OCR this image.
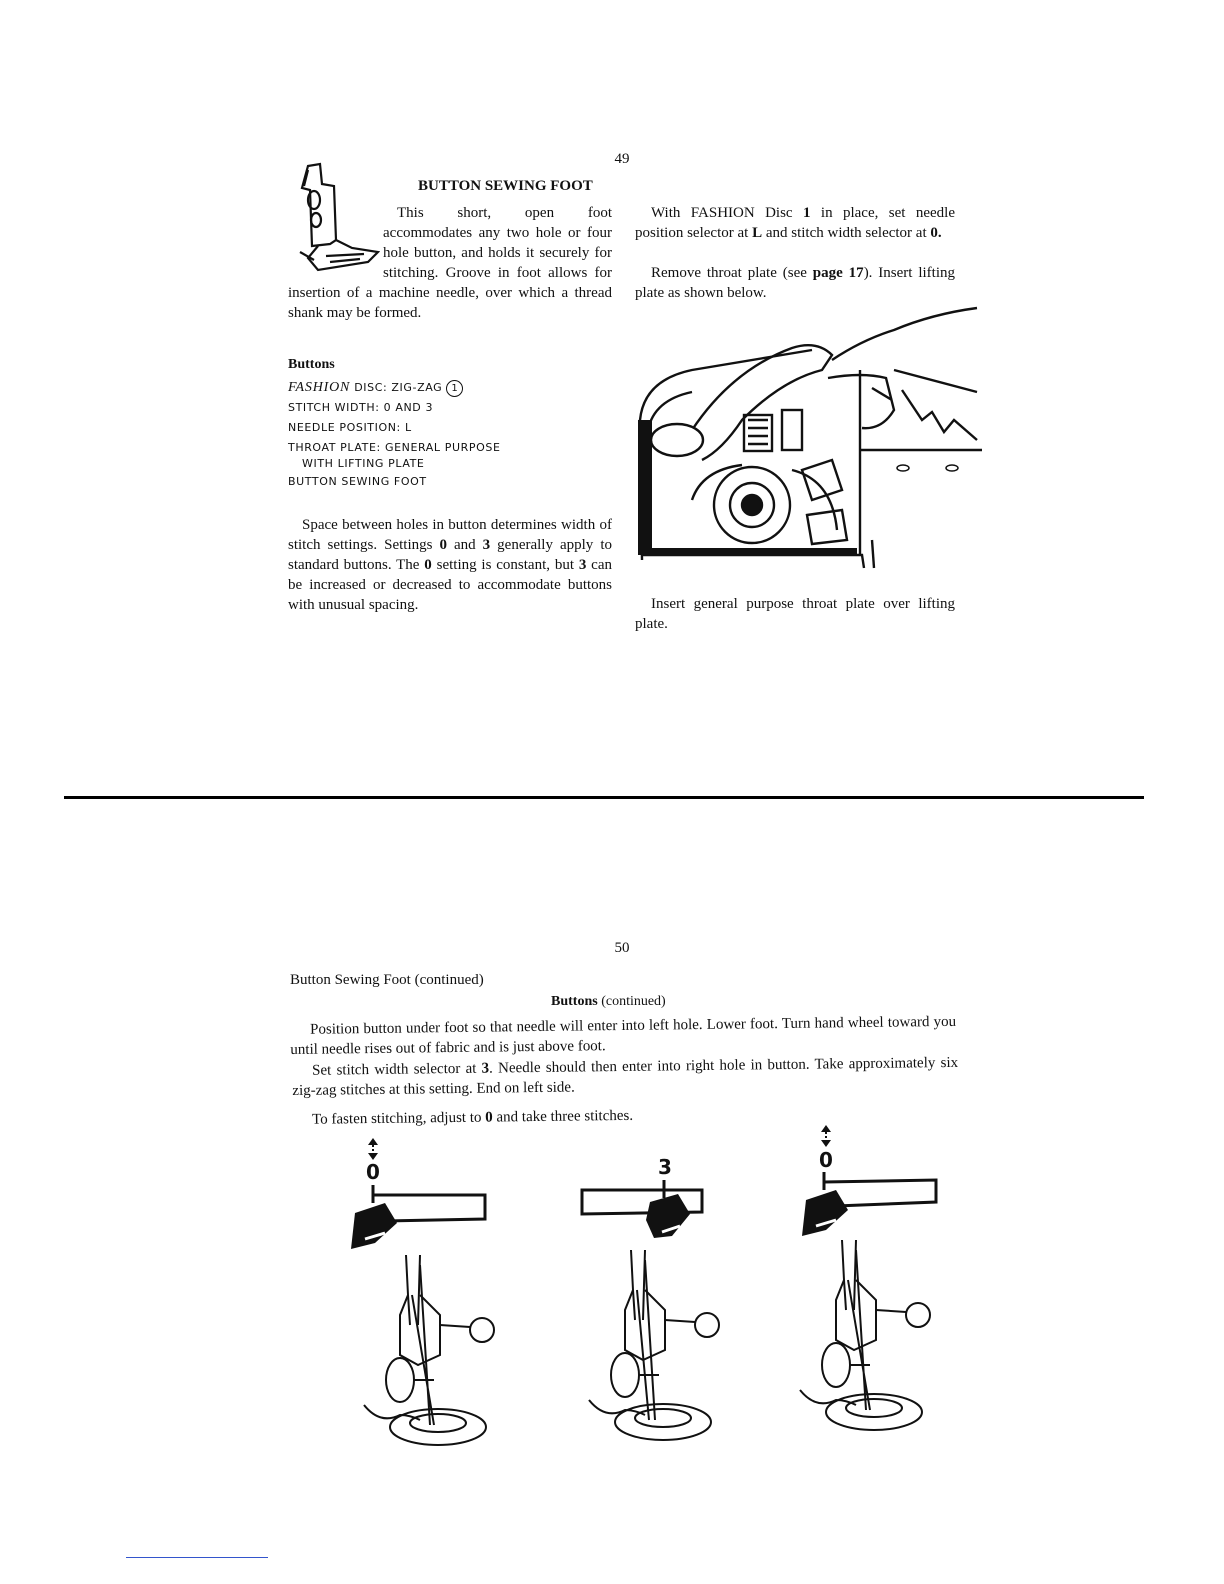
49
BUTTON SEWING FOOT
This short, open foot accommodates any two hole or four hole button, and holds it securely for stitching. Groove in foot allows for insertion of a machine needle, over which a thread shank may be formed.
Buttons
FASHION DISC: ZIG-ZAG 1
STITCH WIDTH: 0 AND 3
NEEDLE POSITION: L
THROAT PLATE: GENERAL PURPOSE
WITH LIFTING PLATE
BUTTON SEWING FOOT
Space between holes in button determines width of stitch settings. Settings 0 and 3 generally apply to standard buttons. The 0 setting is constant, but 3 can be increased or decreased to accommodate buttons with unusual spacing.
With FASHION Disc 1 in place, set needle position selector at L and stitch width selector at 0.
Remove throat plate (see page 17). Insert lifting plate as shown below.
Insert general purpose throat plate over lifting plate.
50
Button Sewing Foot (continued)
Buttons (continued)
Position button under foot so that needle will enter into left hole. Lower foot. Turn hand wheel toward you until needle rises out of fabric and is just above foot.
Set stitch width selector at 3. Needle should then enter into right hole in button. Take approximately six zig-zag stitches at this setting. End on left side.
To fasten stitching, adjust to 0 and take three stitches.
0	3	0
